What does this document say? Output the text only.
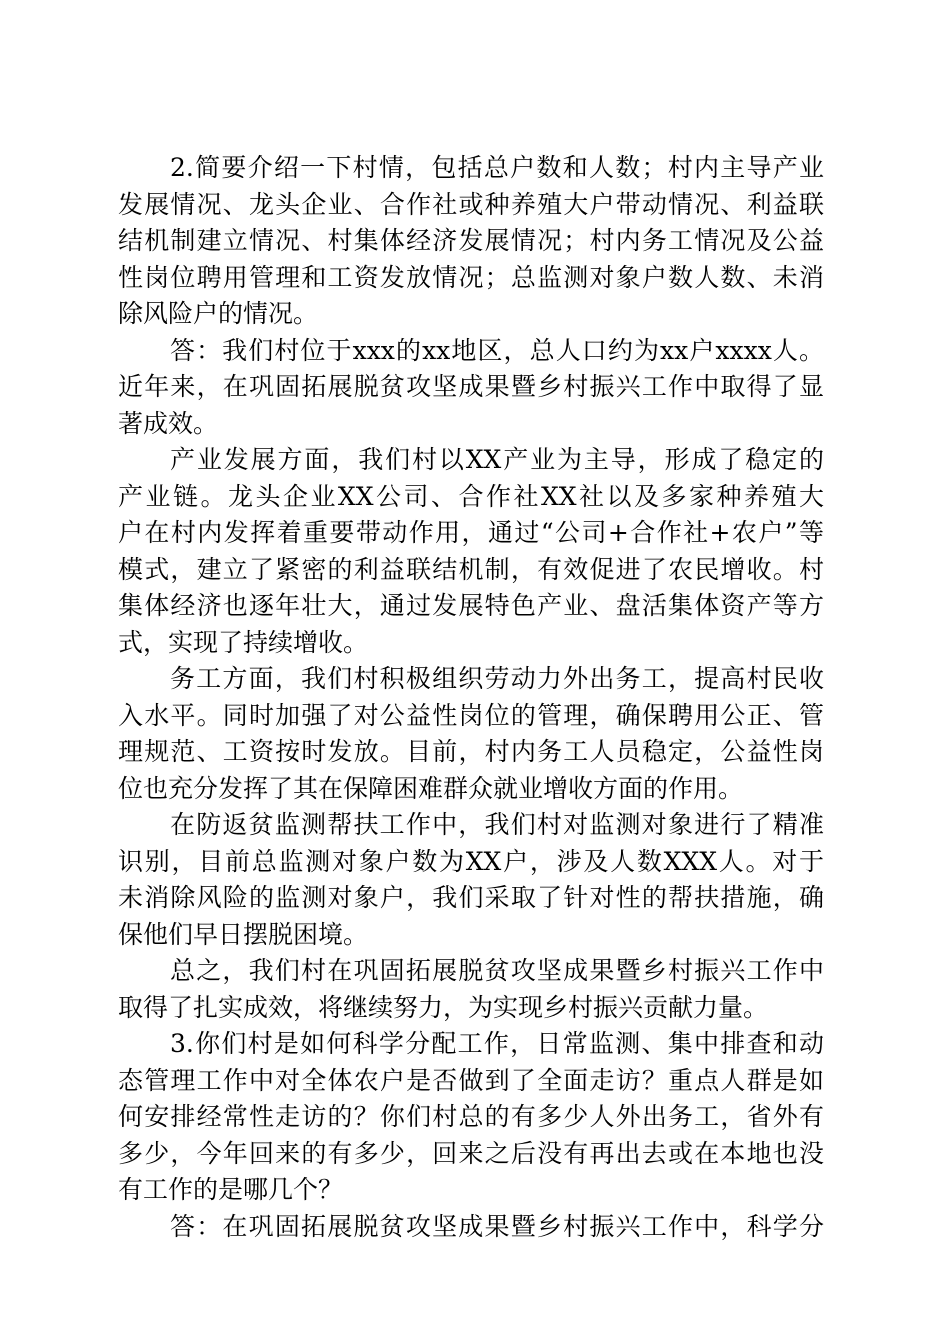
2.简要介绍一下村情，包括总户数和人数；村内主导产业
发展情况、龙头企业、合作社或种养殖大户带动情况、利益联
结机制建立情况、村集体经济发展情况；村内务工情况及公益
性岗位聘用管理和工资发放情况；总监测对象户数人数、未消
除风险户的情况。
答：我们村位于xxx的xx地区，总人口约为xx户xxxx人。
近年来，在巩固拓展脱贫攻坚成果暨乡村振兴工作中取得了显
著成效。
产业发展方面，我们村以XX产业为主导，形成了稳定的
产业链。龙头企业XX公司、合作社XX社以及多家种养殖大
户在村内发挥着重要带动作用，通过“公司+合作社+农户”等
模式，建立了紧密的利益联结机制，有效促进了农民增收。村
集体经济也逐年壮大，通过发展特色产业、盘活集体资产等方
式，实现了持续增收。
务工方面，我们村积极组织劳动力外出务工，提高村民收
入水平。同时加强了对公益性岗位的管理，确保聘用公正、管
理规范、工资按时发放。目前，村内务工人员稳定，公益性岗
位也充分发挥了其在保障困难群众就业增收方面的作用。
在防返贫监测帮扶工作中，我们村对监测对象进行了精准
识别，目前总监测对象户数为XX户，涉及人数XXX人。对于
未消除风险的监测对象户，我们采取了针对性的帮扶措施，确
保他们早日摆脱困境。
总之，我们村在巩固拓展脱贫攻坚成果暨乡村振兴工作中
取得了扎实成效，将继续努力，为实现乡村振兴贡献力量。
3.你们村是如何科学分配工作，日常监测、集中排查和动
态管理工作中对全体农户是否做到了全面走访？重点人群是如
何安排经常性走访的？你们村总的有多少人外出务工，省外有
多少，今年回来的有多少，回来之后没有再出去或在本地也没
有工作的是哪几个？
答：在巩固拓展脱贫攻坚成果暨乡村振兴工作中，科学分
